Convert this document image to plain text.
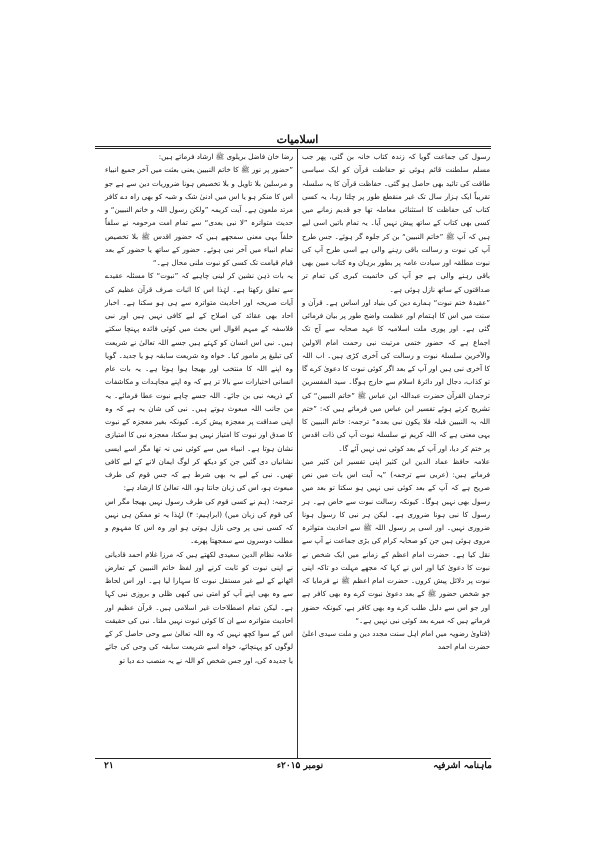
اسلامیات

رسول کی جماعت گویا کہ زندہ کتاب خانہ بن گئی، پھر جب مسلم سلطنت قائم ہوئی تو حفاظت قرآن کو ایک سیاسی طاقت کی تائید بھی حاصل ہو گئی۔ حفاظت قرآن کا یہ سلسلہ تقریباً ایک ہزار سال تک غیر منقطع طور پر چلتا رہا، یہ کسی کتاب کی حفاظت کا استثنائی معاملہ تھا جو قدیم زمانے میں کسی بھی کتاب کے ساتھ پیش نہیں آیا۔ یہ تمام باتیں اسی لیے ہیں کہ آپ ﷺ ”خاتم النبیین“ بن کر جلوہ گر ہوئے۔ جس طرح آپ کی نبوت و رسالت باقی رہنے والی ہے اسی طرح آپ کی نبوت مطلقہ اور سیادت عامہ پر بطور برہان وہ کتاب مبین بھی باقی رہنے والی ہے جو آپ کی خاتمیت کبری کی تمام تر صداقتوں کے ساتھ نازل ہوئی ہے۔

”عقیدۂ ختم نبوت“ ہمارے دین کی بنیاد اور اساس ہے۔ قرآن و سنت میں اس کا اہتمام اور عظمت واضح طور پر بیان فرمائی گئی ہے۔ اور پوری ملت اسلامیہ کا عہد صحابہ سے آج تک اجماع ہے کہ حضور ختمی مرتبت نبی رحمت امام الاولین والآخرین سلسلۂ نبوت و رسالت کی آخری کڑی ہیں۔ اب اللہ کا آخری نبی ہیں اور آپ کے بعد اگر کوئی نبوت کا دعویٰ کرے گا تو کذاب، دجال اور دائرۂ اسلام سے خارج ہوگا۔ سید المفسرین ترجمان القرآن حضرت عبداللہ ابن عباس ﷺ ”خاتم النبیین“ کی تشریح کرتے ہوئے تفسیر ابن عباس میں فرماتے ہیں کہ: ”ختم اللہ بہ النبیین قبلہ فلا یکون نبی بعدہ“ ترجمہ: خاتم النبیین کا یہی معنی ہے کہ اللہ کریم نے سلسلۂ نبوت آپ کی ذات اقدس پر ختم کر دیا، اور آپ کے بعد کوئی نبی نہیں آئے گا۔

علامہ حافظ عماد الدین ابن کثیر اپنی تفسیر ابن کثیر میں فرماتے ہیں: (عربی سے ترجمہ) ”یہ آیت اس بات میں نص صریح ہے کہ آپ کے بعد کوئی نبی نہیں ہو سکتا تو بعد میں رسول بھی نہیں ہوگا۔ کیونکہ رسالت نبوت سے خاص ہے۔ ہر رسول کا نبی ہونا ضروری ہے۔ لیکن ہر نبی کا رسول ہونا ضروری نہیں۔ اور اسی پر رسول اللہ ﷺ سے احادیث متواترہ مروی ہوئی ہیں جن کو صحابہ کرام کی بڑی جماعت نے آپ سے نقل کیا ہے۔ حضرت امام اعظم کے زمانے میں ایک شخص نے نبوت کا دعویٰ کیا اور اس نے کہا کہ مجھے مہلت دو تاکہ اپنی نبوت پر دلائل پیش کروں۔ حضرت امام اعظم ﷺ نے فرمایا کہ جو شخص حضور ﷺ کے بعد دعویٰ نبوت کرے وہ بھی کافر ہے اور جو اس سے دلیل طلب کرے وہ بھی کافر ہے، کیونکہ حضور فرماتے ہیں کہ میرے بعد کوئی نبی نہیں ہے۔“

(فتاویٰ رضویہ میں امام اہل سنت مجدد دین و ملت سیدی اعلیٰ حضرت امام احمد

رضا خان فاضل بریلوی ﷺ ارشاد فرماتے ہیں:

”حضور پر نور ﷺ کا خاتم النبیین یعنی بعثت میں آخر جمیع انبیاء و مرسلین بلا تاویل و بلا تخصیص ہونا ضروریات دین سے ہے جو اس کا منکر ہو یا اس میں ادنیٰ شک و شبہ کو بھی راہ دے کافر مرتد ملعون ہے۔ آیت کریمہ ”ولکن رسول اللہ و خاتم النبیین“ و حدیث متواترہ ”لا نبی بعدی“ سے تمام امت مرحومہ نے سلفاً خلفاً یہی معنی سمجھے ہیں کہ حضور اقدس ﷺ بلا تخصیص تمام انبیاء میں آخر نبی ہوئے۔ حضور کے ساتھ یا حضور کے بعد قیام قیامت تک کسی کو نبوت ملنی محال ہے۔“

یہ بات ذہن نشین کر لینی چاہیے کہ ”نبوت“ کا مسئلہ عقیدے سے تعلق رکھتا ہے۔ لہٰذا اس کا اثبات صرف قرآن عظیم کی آیات صریحہ اور احادیث متواترہ سے ہی ہو سکتا ہے۔ اخبار احاد بھی عقائد کی اصلاح کے لیے کافی نہیں ہیں اور نبی فلاسفہ کے مبہم اقوال اس بحث میں کوئی فائدہ پہنچا سکتے ہیں۔ نبی اس انسان کو کہتے ہیں جسے اللہ تعالیٰ نے شریعت کی تبلیغ پر مامور کیا۔ خواہ وہ شریعت سابقہ ہو یا جدید۔ گویا وہ اپنے اللہ کا منتخب اور بھیجا ہوا ہوتا ہے۔ یہ بات عام انسانی اختیارات سے بالا تر ہے کہ وہ اپنے مجاہدات و مکاشفات کے ذریعہ نبی بن جائے۔ اللہ جسے چاہے نبوت عطا فرمائے۔ یہ من جانب اللہ مبعوث ہوتے ہیں۔ نبی کی شان یہ ہے کہ وہ اپنی صداقت پر معجزہ پیش کرے۔ کیونکہ بغیر معجزہ کے نبوت کا صدق اور نبوت کا امتیاز نہیں ہو سکتا، معجزہ نبی کا امتیازی نشان ہوتا ہے۔ انبیاء میں سے کوئی نبی نہ تھا مگر اسے ایسی نشانیاں دی گئیں جن کو دیکھ کر لوگ ایمان لانے کے لیے کافی تھیں۔ نبی کے لیے یہ بھی شرط ہے کہ جس قوم کی طرف مبعوث ہو، اس کی زبان جانتا ہو، اللہ تعالیٰ کا ارشاد ہے:

ترجمہ: (ہم نے کسی قوم کی طرف رسول نہیں بھیجا مگر اس کی قوم کی زبان میں) (ابراہیم: ۴) لہٰذا یہ تو ممکن ہی نہیں کہ کسی نبی پر وحی نازل ہوتی ہو اور وہ اس کا مفہوم و مطلب دوسروں سے سمجھتا پھرے۔

علامہ نظام الدین سعیدی لکھتے ہیں کہ مرزا غلام احمد قادیانی نے اپنی نبوت کو ثابت کرنے اور لفظ خاتم النبیین کے تعارض اٹھانے کے لیے غیر مستقل نبوت کا سہارا لیا ہے۔ اور اس لحاظ سے وہ بھی اپنے آپ کو امتی نبی کبھی ظلی و بروزی نبی کہا ہے۔ لیکن تمام اصطلاحات غیر اسلامی ہیں۔ قرآن عظیم اور احادیث متواترہ سے ان کا کوئی ثبوت نہیں ملتا۔ نبی کی حقیقت اس کے سوا کچھ نہیں کہ وہ اللہ تعالیٰ سے وحی حاصل کر کے لوگوں کو پہنچائے، خواہ اسے شریعت سابقہ کی وحی کی جائے یا جدیدہ کی، اور جس شخص کو اللہ نے یہ منصب دے دیا تو

ماہنامہ اشرفیہ
نومبر ۲۰۱۵ء
۲۱
